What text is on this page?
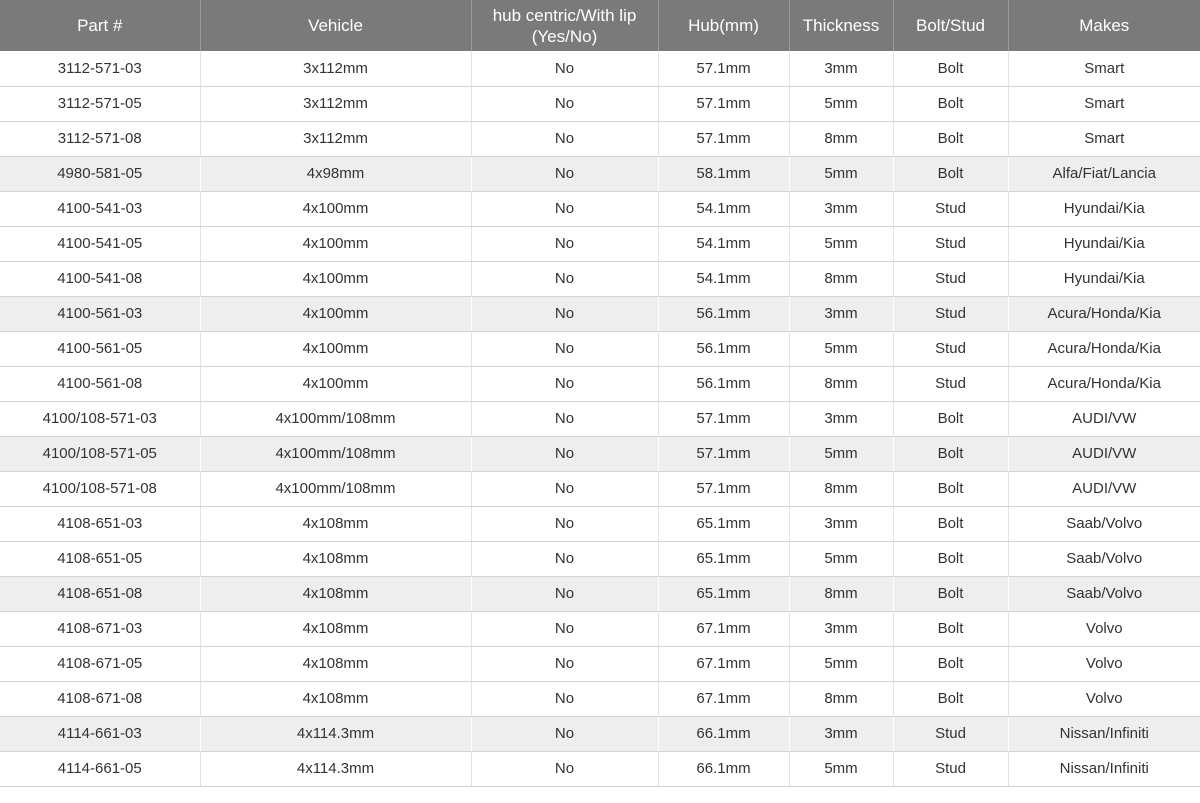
Part #	Vehicle	hub centric/With lip
(Yes/No)	Hub(mm)	Thickness	Bolt/Stud	Makes
3112-571-03	3x112mm	No	57.1mm	3mm	Bolt	Smart
3112-571-05	3x112mm	No	57.1mm	5mm	Bolt	Smart
3112-571-08	3x112mm	No	57.1mm	8mm	Bolt	Smart
4980-581-05	4x98mm	No	58.1mm	5mm	Bolt	Alfa/Fiat/Lancia
4100-541-03	4x100mm	No	54.1mm	3mm	Stud	Hyundai/Kia
4100-541-05	4x100mm	No	54.1mm	5mm	Stud	Hyundai/Kia
4100-541-08	4x100mm	No	54.1mm	8mm	Stud	Hyundai/Kia
4100-561-03	4x100mm	No	56.1mm	3mm	Stud	Acura/Honda/Kia
4100-561-05	4x100mm	No	56.1mm	5mm	Stud	Acura/Honda/Kia
4100-561-08	4x100mm	No	56.1mm	8mm	Stud	Acura/Honda/Kia
4100/108-571-03	4x100mm/108mm	No	57.1mm	3mm	Bolt	AUDI/VW
4100/108-571-05	4x100mm/108mm	No	57.1mm	5mm	Bolt	AUDI/VW
4100/108-571-08	4x100mm/108mm	No	57.1mm	8mm	Bolt	AUDI/VW
4108-651-03	4x108mm	No	65.1mm	3mm	Bolt	Saab/Volvo
4108-651-05	4x108mm	No	65.1mm	5mm	Bolt	Saab/Volvo
4108-651-08	4x108mm	No	65.1mm	8mm	Bolt	Saab/Volvo
4108-671-03	4x108mm	No	67.1mm	3mm	Bolt	Volvo
4108-671-05	4x108mm	No	67.1mm	5mm	Bolt	Volvo
4108-671-08	4x108mm	No	67.1mm	8mm	Bolt	Volvo
4114-661-03	4x114.3mm	No	66.1mm	3mm	Stud	Nissan/Infiniti
4114-661-05	4x114.3mm	No	66.1mm	5mm	Stud	Nissan/Infiniti
